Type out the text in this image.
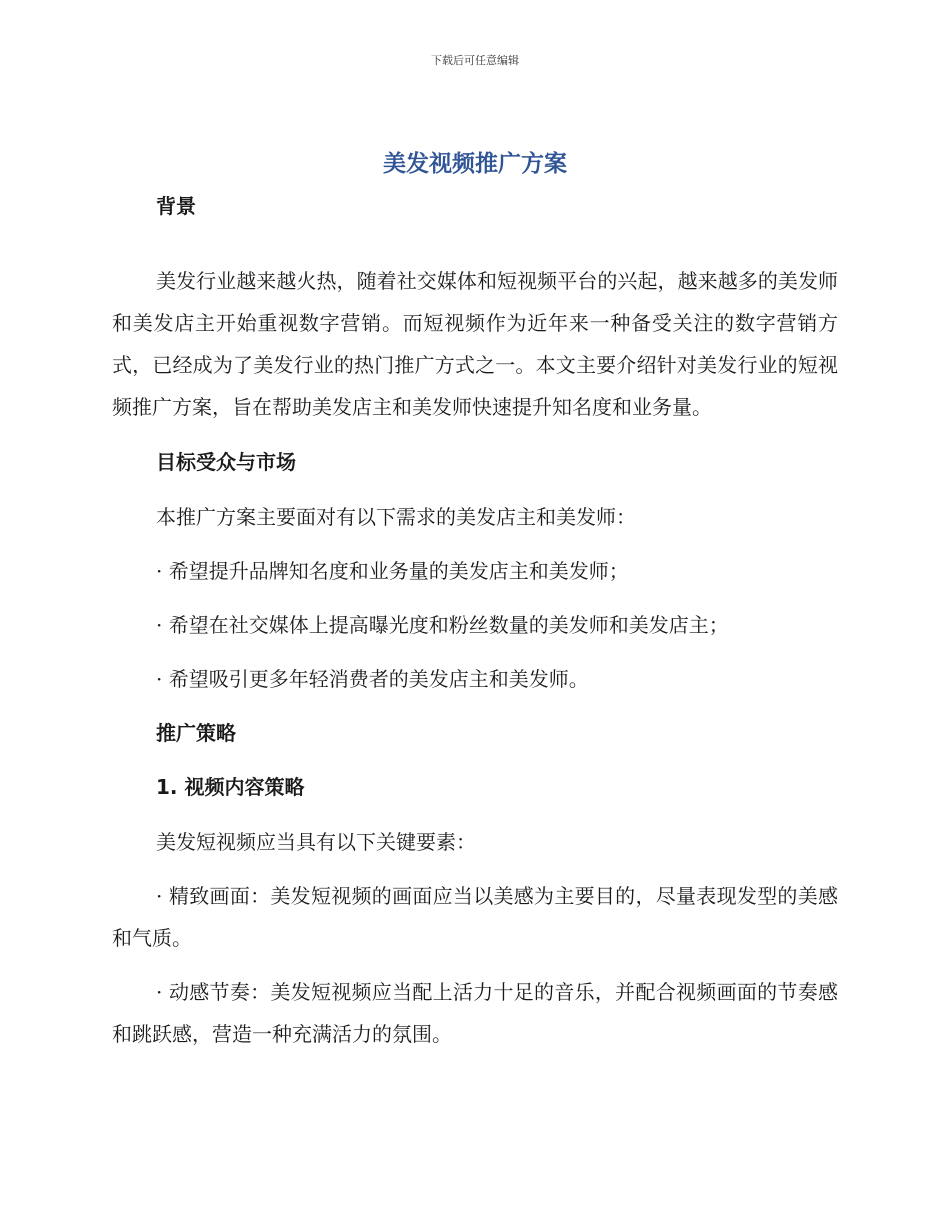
下载后可任意编辑
美发视频推广方案

背景

美发行业越来越火热，随着社交媒体和短视频平台的兴起，越来越多的美发师和美发店主开始重视数字营销。而短视频作为近年来一种备受关注的数字营销方式，已经成为了美发行业的热门推广方式之一。本文主要介绍针对美发行业的短视频推广方案，旨在帮助美发店主和美发师快速提升知名度和业务量。

目标受众与市场

本推广方案主要面对有以下需求的美发店主和美发师：

· 希望提升品牌知名度和业务量的美发店主和美发师；

· 希望在社交媒体上提高曝光度和粉丝数量的美发师和美发店主；

· 希望吸引更多年轻消费者的美发店主和美发师。

推广策略

1. 视频内容策略

美发短视频应当具有以下关键要素：

· 精致画面：美发短视频的画面应当以美感为主要目的，尽量表现发型的美感和气质。

· 动感节奏：美发短视频应当配上活力十足的音乐，并配合视频画面的节奏感和跳跃感，营造一种充满活力的氛围。
